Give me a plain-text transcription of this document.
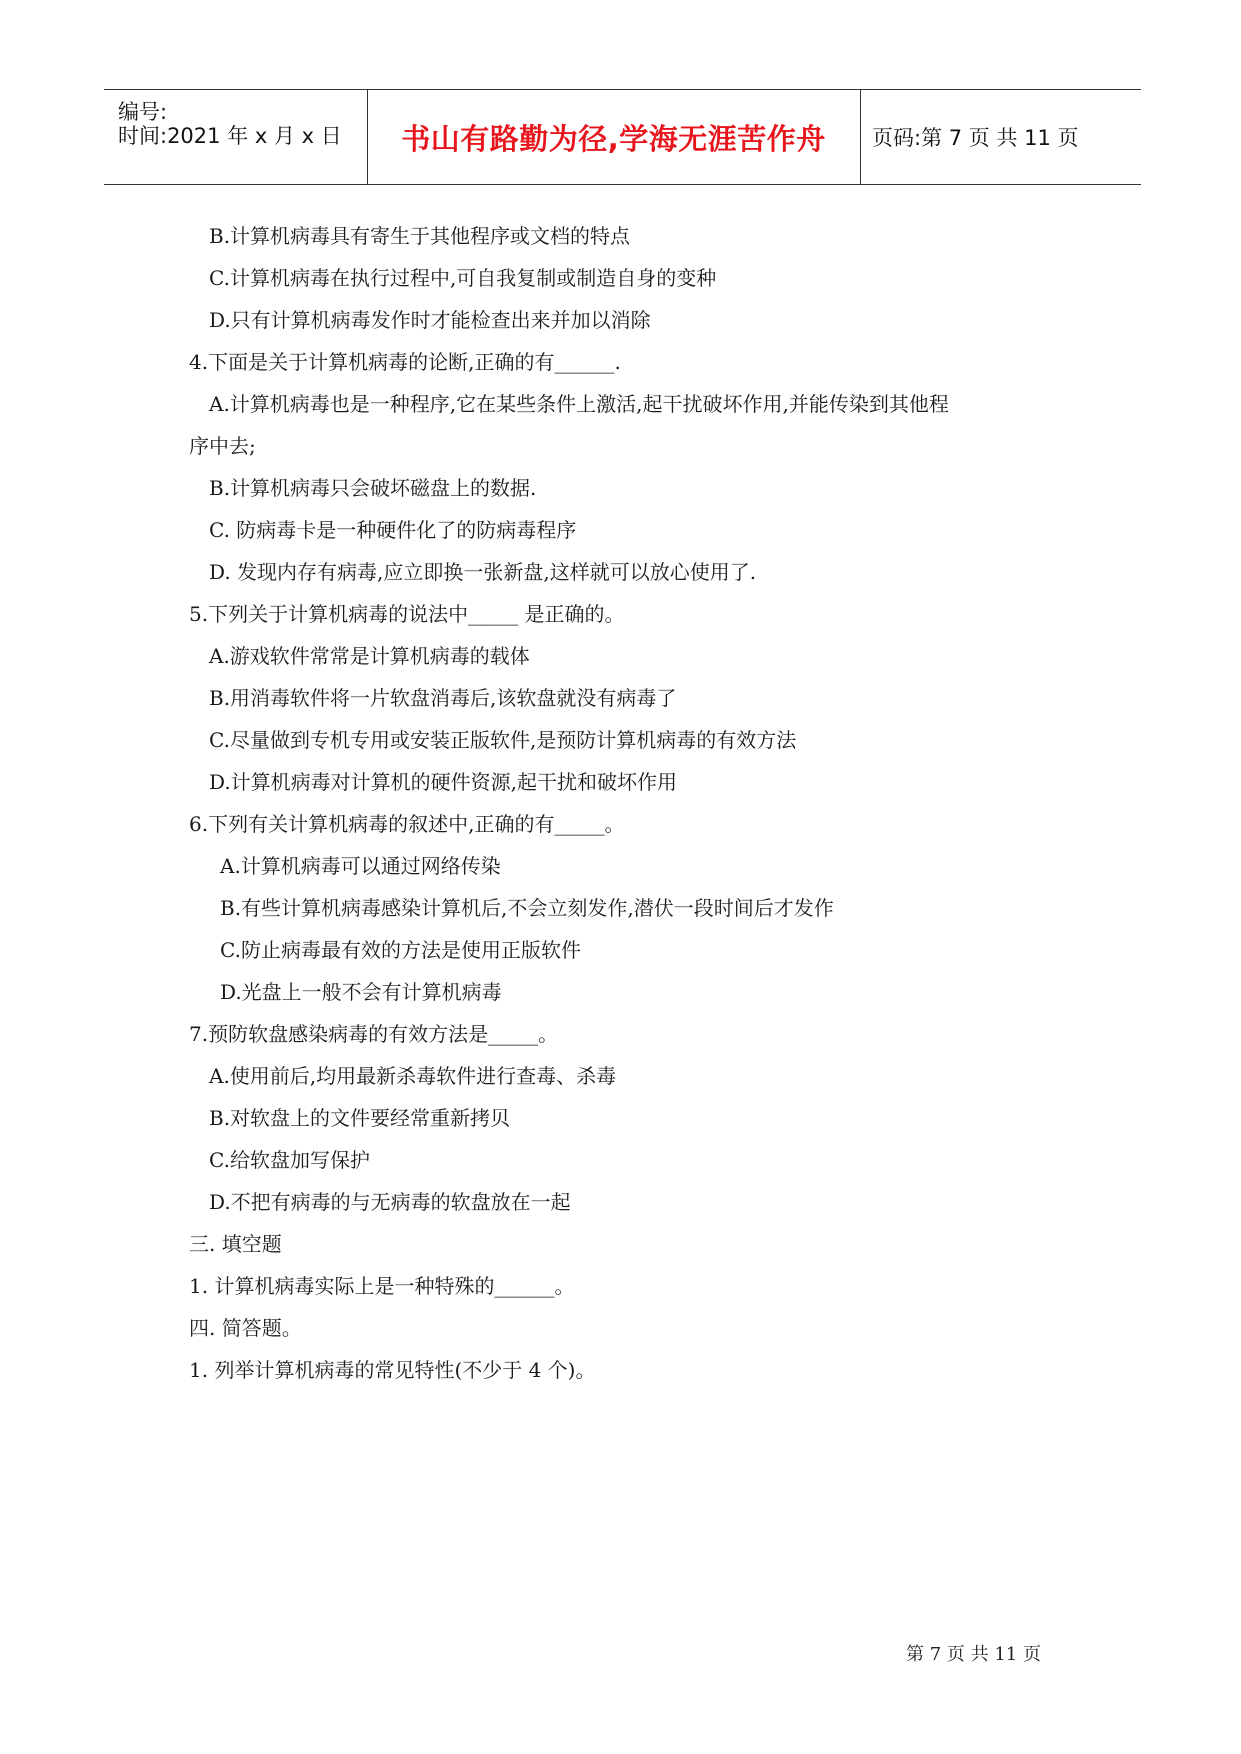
编号:
时间:2021 年 x 月 x 日 书山有路勤为径,学海无涯苦作舟 页码:第 7 页 共 11 页
B.计算机病毒具有寄生于其他程序或文档的特点
C.计算机病毒在执行过程中,可自我复制或制造自身的变种
D.只有计算机病毒发作时才能检查出来并加以消除
4.下面是关于计算机病毒的论断,正确的有______.
A.计算机病毒也是一种程序,它在某些条件上激活,起干扰破坏作用,并能传染到其他程
序中去;
B.计算机病毒只会破坏磁盘上的数据.
C. 防病毒卡是一种硬件化了的防病毒程序
D. 发现内存有病毒,应立即换一张新盘,这样就可以放心使用了.
5.下列关于计算机病毒的说法中_____ 是正确的。
A.游戏软件常常是计算机病毒的载体
B.用消毒软件将一片软盘消毒后,该软盘就没有病毒了
C.尽量做到专机专用或安装正版软件,是预防计算机病毒的有效方法
D.计算机病毒对计算机的硬件资源,起干扰和破坏作用
6.下列有关计算机病毒的叙述中,正确的有_____。
A.计算机病毒可以通过网络传染
B.有些计算机病毒感染计算机后,不会立刻发作,潜伏一段时间后才发作
C.防止病毒最有效的方法是使用正版软件
D.光盘上一般不会有计算机病毒
7.预防软盘感染病毒的有效方法是_____。
A.使用前后,均用最新杀毒软件进行查毒、杀毒
B.对软盘上的文件要经常重新拷贝
C.给软盘加写保护
D.不把有病毒的与无病毒的软盘放在一起
三. 填空题
1. 计算机病毒实际上是一种特殊的______。
四. 简答题。
1. 列举计算机病毒的常见特性(不少于 4 个)。
第 7 页 共 11 页
